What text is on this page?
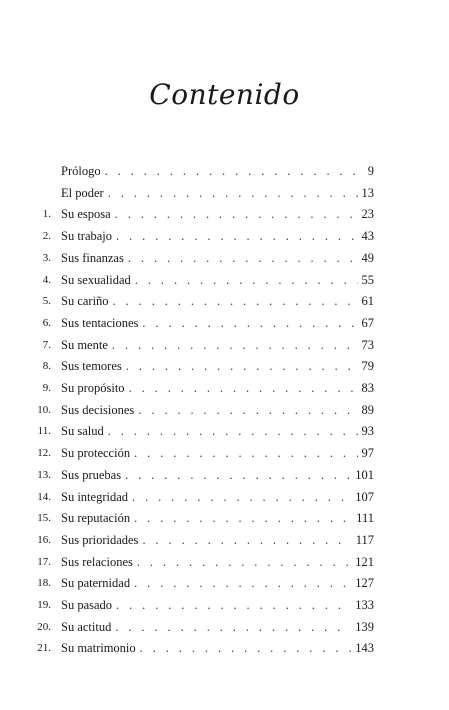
Contenido
Prólogo . . .	9
El poder . . .	13
1. Su esposa . . .	23
2. Su trabajo . . .	43
3. Sus finanzas . . .	49
4. Su sexualidad . . .	55
5. Su cariño . . .	61
6. Sus tentaciones . . .	67
7. Su mente . . .	73
8. Sus temores . . .	79
9. Su propósito . . .	83
10. Sus decisiones . . .	89
11. Su salud . . .	93
12. Su protección . . .	97
13. Sus pruebas . . .	101
14. Su integridad . . .	107
15. Su reputación . . .	111
16. Sus prioridades . . .	117
17. Sus relaciones . . .	121
18. Su paternidad . . .	127
19. Su pasado . . .	133
20. Su actitud . . .	139
21. Su matrimonio . . .	143
